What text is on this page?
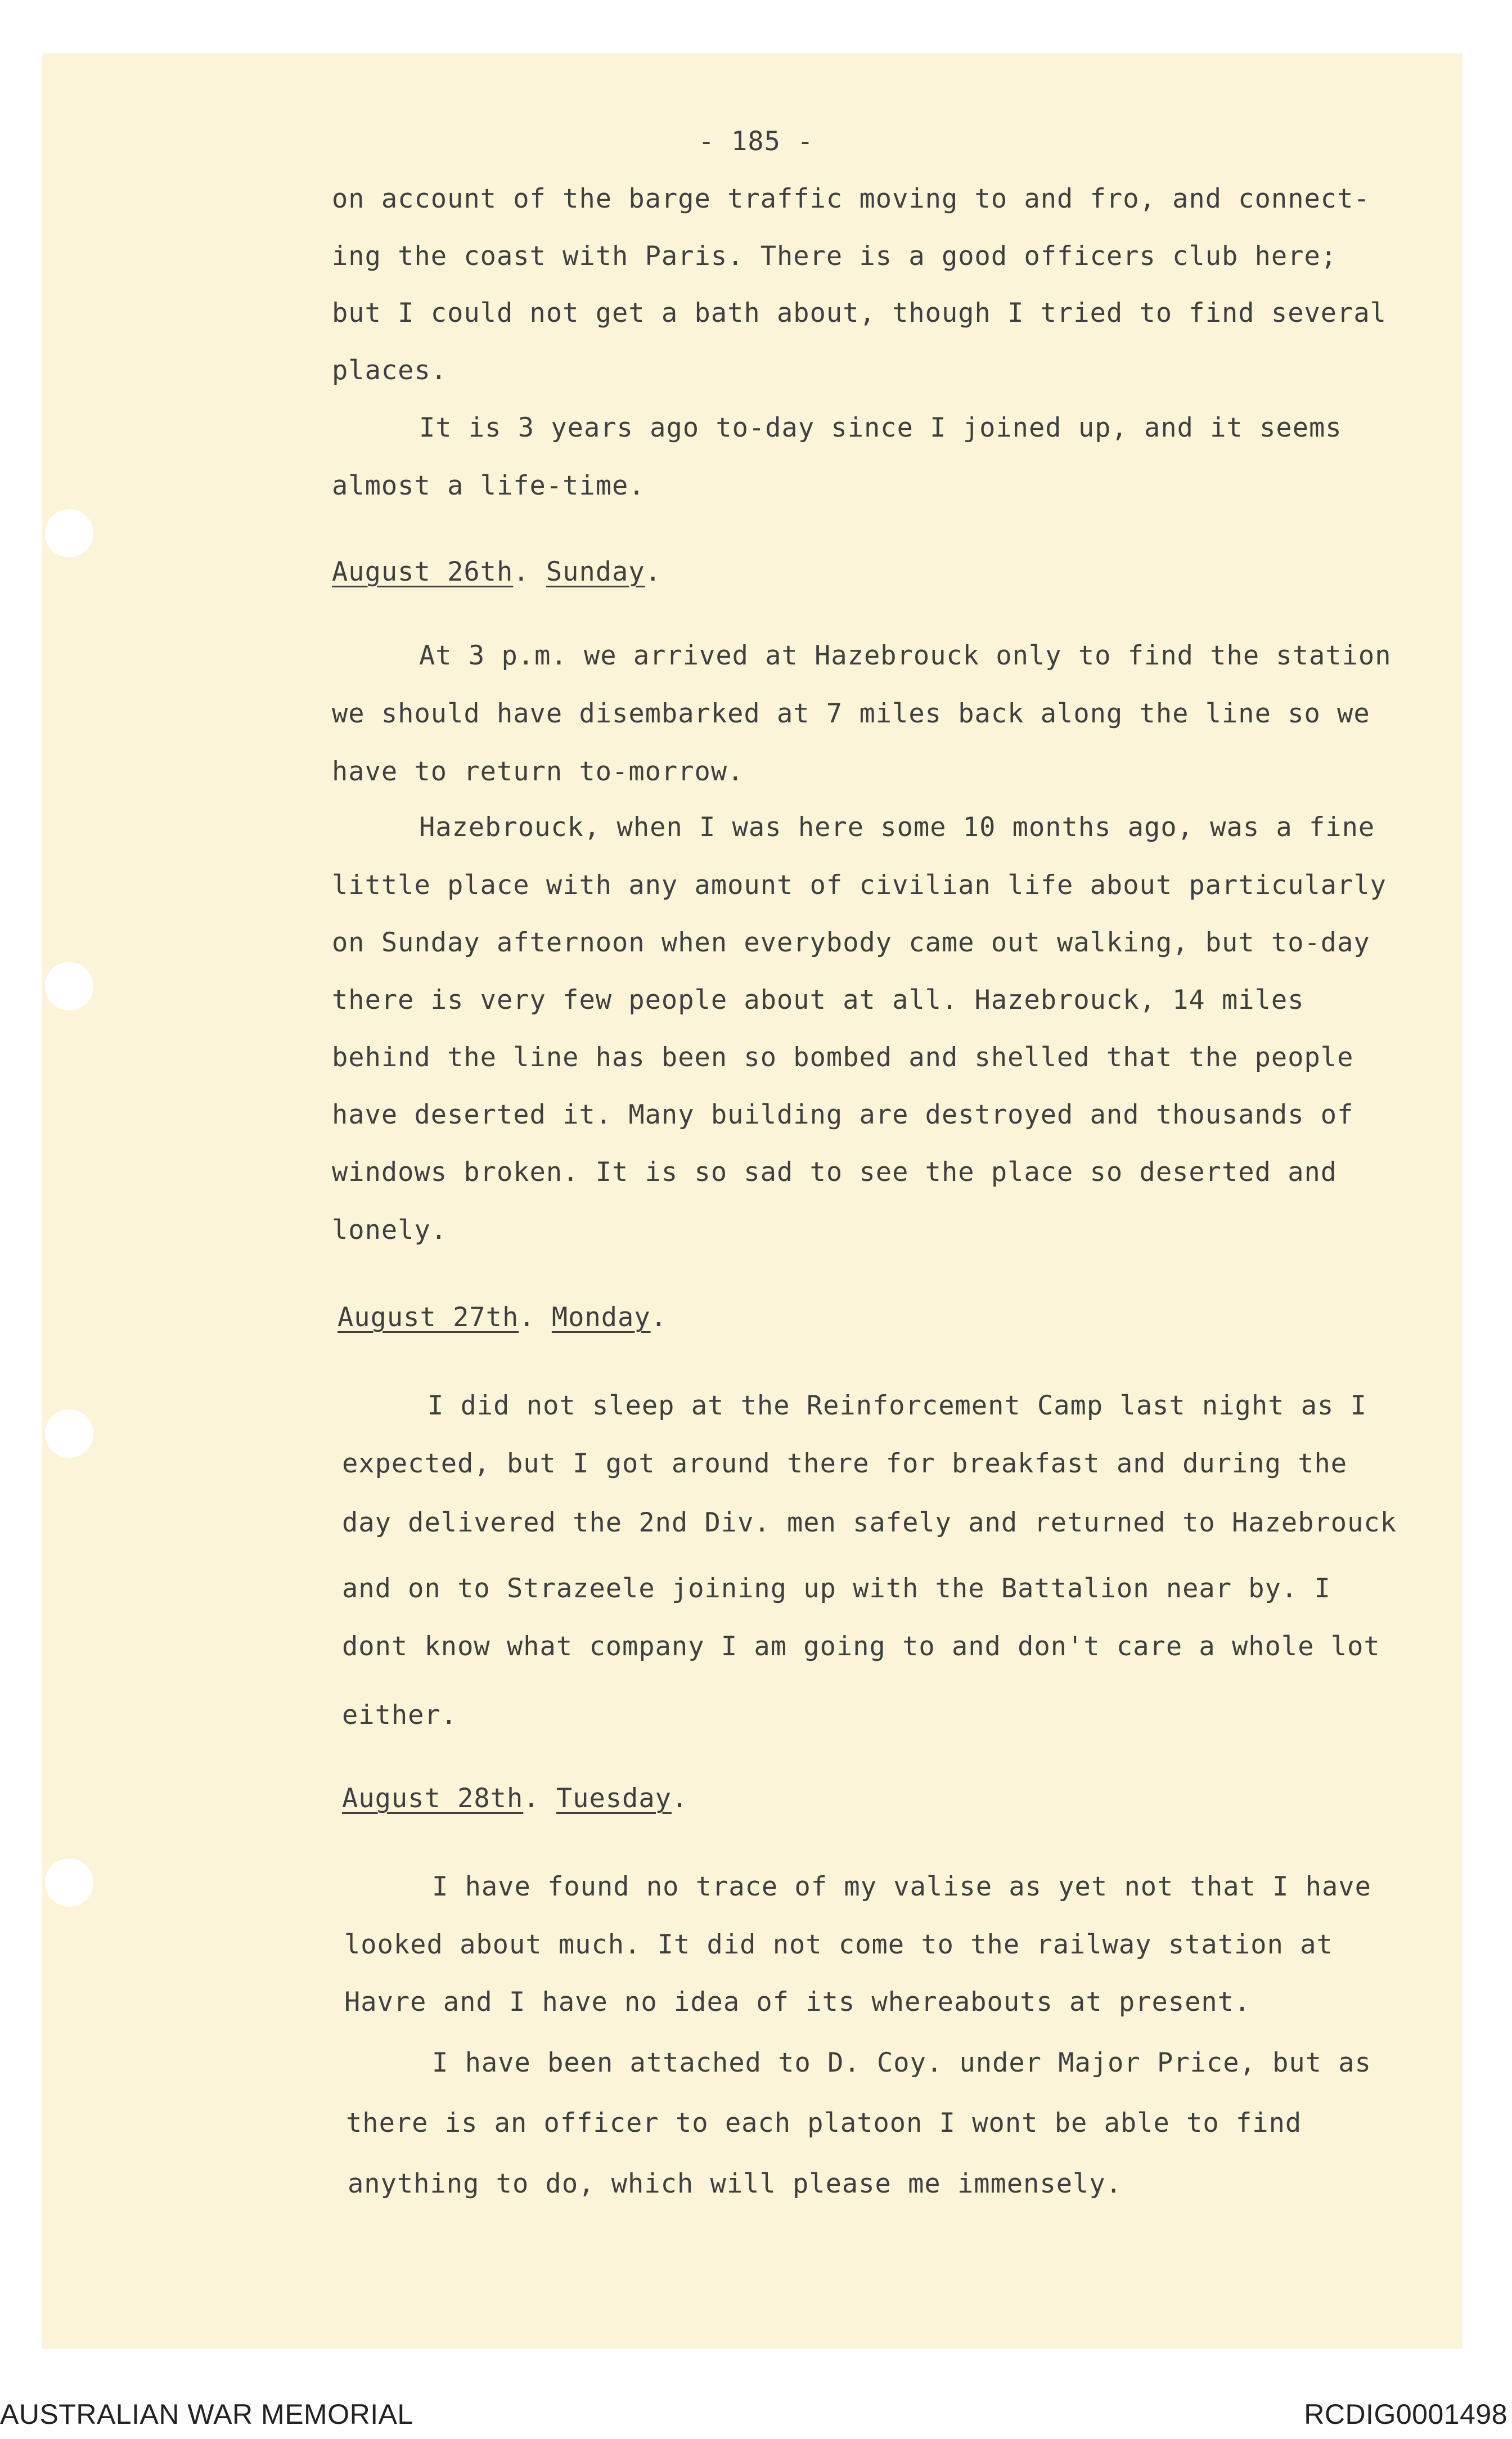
- 185 -
on account of the barge traffic moving to and fro, and connect-
ing the coast with Paris. There is a good officers club here;
but I could not get a bath about, though I tried to find several
places.
It is 3 years ago to-day since I joined up, and it seems
almost a life-time.
August 26th. Sunday.
At 3 p.m. we arrived at Hazebrouck only to find the station
we should have disembarked at 7 miles back along the line so we
have to return to-morrow.
Hazebrouck, when I was here some 10 months ago, was a fine
little place with any amount of civilian life about particularly
on Sunday afternoon when everybody came out walking, but to-day
there is very few people about at all. Hazebrouck, 14 miles
behind the line has been so bombed and shelled that the people
have deserted it. Many building are destroyed and thousands of
windows broken. It is so sad to see the place so deserted and
lonely.
August 27th. Monday.
I did not sleep at the Reinforcement Camp last night as I
expected, but I got around there for breakfast and during the
day delivered the 2nd Div. men safely and returned to Hazebrouck
and on to Strazeele joining up with the Battalion near by. I
dont know what company I am going to and don't care a whole lot
either.
August 28th. Tuesday.
I have found no trace of my valise as yet not that I have
looked about much. It did not come to the railway station at
Havre and I have no idea of its whereabouts at present.
I have been attached to D. Coy. under Major Price, but as
there is an officer to each platoon I wont be able to find
anything to do, which will please me immensely.
AUSTRALIAN WAR MEMORIAL	RCDIG0001498
